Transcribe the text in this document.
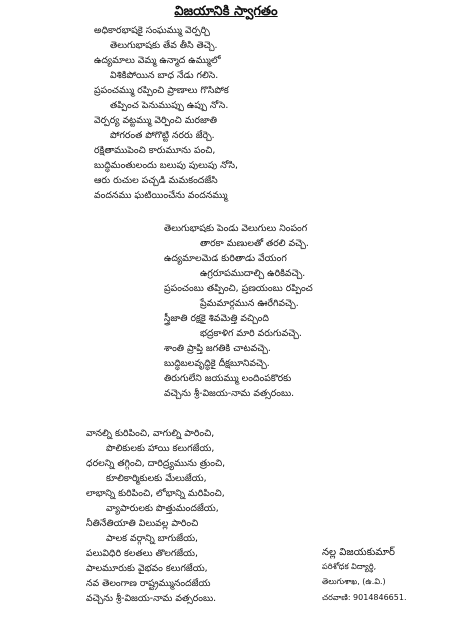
విజయానికి స్వాగతం
అధికారభాషకై సంఘమ్ము వెర్పర్చి
తెలుగుభాషకు తేవ తీసి తెచ్చె.
ఉద్యమాలు వెమ్మ ఉన్మాద ఉమ్ములో
విశికిపోయిన బాధ నేడు గలిసె.
ప్రపంచమ్ము రప్పించి ప్రాణాలు గొసిపోక
తప్పించ పెనుముప్పు ఉప్పు నోసె.
వెర్పర్య వట్టమ్ము వెర్పించి మరజాతి
పోగరంత పోగొట్టి నరరు జేర్చె.
రక్షితాముపెంచి కారుమూను పంచి,
బుద్ధిమంతులందు బలుపు పులుపు నోసి,
ఆరు రుచుల పచ్చడి మమకందజేసి
వందనము ఘటియించేను వందనమ్ము
తెలుగుభాషకు పెండు వెలుగులు నింపంగ
తారకా మణులతో తరలి వచ్చె.
ఉద్యమాలమెడ కురితాడు వేయంగ
ఉగ్రరూపముదాల్చి ఉరికివచ్చె.
ప్రపంచంబు తప్పించి, ప్రణయంబు రప్పించ
ప్రేమమార్గమున ఊరేగివచ్చె.
స్త్రీజాతి రక్షకై శివమెత్తి వచ్చింది
భద్రకాళిగ మారి వరుగువచ్చె.
శాంతి ప్రాప్తి జగతికి చాటవచ్చె.
బుద్ధిబలవృద్ధికై దీక్షబూనివచ్చె.
తిరుగులేని జయమ్ము లందింపకొరకు
వచ్చెను శ్రీ-విజయ-నామ వత్సరంబు.
వానల్ని కురిపించి, వాగుల్ని పారించి,
పొలికులకు హాయి కలుగజేయ,
ధరలన్ని తగ్గించి, దారిద్ర్యమును త్రుంచి,
కూలికార్మికులకు మేలుజేయ,
లాభాన్ని కురిపించి, లోభాన్ని మరిపించి,
వ్యాపారులకు పొత్తుమందజేయ,
నీతినేతియాతి విలువల్ల పారించి
పాలక వర్గాన్ని బాగుజేయ,
పలువిధిరి కలతలు తొలగజేయ,
పాలమూరుకు వైభవం కలుగజేయ,
నవ తెలంగాణ రాష్ట్రమ్మునందజేయ
వచ్చెను శ్రీ-విజయ-నామ వత్సరంబు.
నల్ల విజయకుమార్
పరిశోధక విద్యార్థి,
తెలుగుశాఖ, (ఉ.వి.)
చరవాణి: 9014846651.
